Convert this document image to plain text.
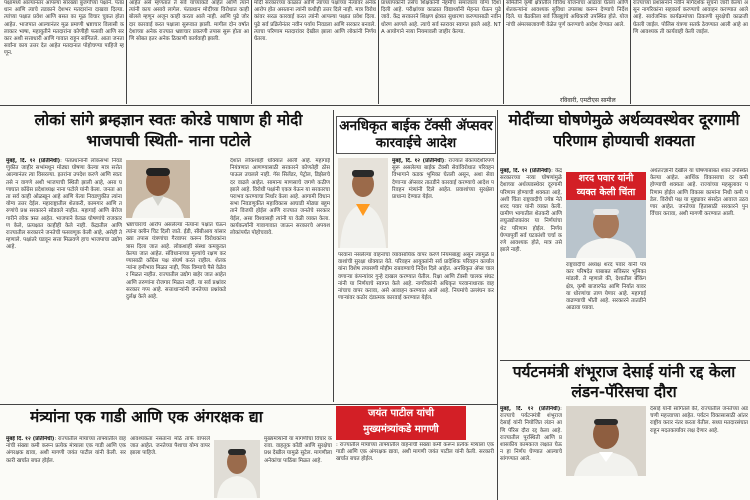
पक्षामध्ये आल्यानंतर आपल्या सारख्या बुजर्गांच्या पक्षाने. पंतप्रधान आणि त्याचे तडकाने देशभर मतदारांना दाखवा दिल्या. त्यांच्या पक्षात प्रवेश आणि बसत का मूळ विचार चुकत होता आहेत. भाजपात आल्यानंतर मूळ प्रमाणी भ्रष्टाचार विलासी कलाकार भाषा, महायुतीने मतदारांना कोणीही फसवी आणि सरकार अशी सत्ताधारी आणि गावात राहून सांगितले. आता जनता सर्वांना काय उत्तर देत आहेत मतदानात पोहोचण्या पाहिजे म्हणून.
आहेत असे म्हणतात ते सर्व यांच्याकडे आहेत आणि त्याने त्यांनी काय असावे लागेल. पंतप्रधान मोदींच्या विरोधात काही बोलले म्हणून अजून काही करता आले नाही. आणि पुढे जोरदार कारवाई करत पक्षाला सुरूवात झाली. मागील दोन वर्षात देशाच्या अनेक राज्यात भ्रष्टाचार प्रकरणी तपास सुरू होता आणि सोबत इतर अनेक ठिकाणी कार्यवाही झाली.
मोदी सरकारच्या काळात आणि त्यांच्या पक्षाच्या नेत्यांवर अनेक आरोप होत असताना त्यांनी कधीही उत्तर दिले नाही. मात्र विरोधकांवर सरळ कारवाई करत त्यांनी आपल्या पक्षात प्रवेश दिला. पुढे सर्व प्रक्रियेनंतर नवीन पर्याय निवडला आणि सरकार बनवले. त्याचा परिणाम मतदारांवर देखील झाला आणि लोकांनी निर्णय घेतला.
प्राध्यापकांनी तसेच शिक्षकांनी नेहमीच समाजाला योग्य दिशा दिली आहे. परीक्षांच्या काळात विद्यार्थ्यांनी मेहनत घेऊन पुढे जावे. केंद्र सरकारने शिक्षण क्षेत्रात सुधारणा करण्यासाठी नवीन धोरण आणले आहे. त्याचे सर्व स्तरावर स्वागत झाले आहे. NTA आयोगाने नव्या नियमावली जाहीर केल्या.
समितीने कृषी क्षेत्रातील विविध योजनांचा आढावा घेतला आणि शेतकऱ्यांना आवश्यक सुविधा उपलब्ध करून देण्याचे निर्देश दिले. या बैठकीला सर्व जिल्ह्यांचे अधिकारी उपस्थित होते. योजनांची अंमलबजावणी वेळेत पूर्ण करण्याचे आदेश देण्यात आले.
रविवारी, एमटीएस सामील
राज्याच्या प्रशासनाने नवीन मार्गदर्शक सूचना जारी केल्या असून नागरिकांना सहकार्य करण्याचे आवाहन करण्यात आले आहे. सार्वजनिक कार्यक्रमांच्या ठिकाणी सुरक्षेची काळजी घेतली जाईल. पोलिस यंत्रणा सतर्क ठेवण्यात आली आहे आणि आवश्यक ती कार्यवाही केली जाईल.
लोकां सांगे ब्रम्हज्ञान स्वतः कोरडे पाषाण ही मोदी भाजपाची स्थिती- नाना पटोले
मुंबई, दि. १२ (प्रतिनिधी): पंतप्रधानांनी लोकसभा निवडणुकीत जाहीर सभांमधून मोठ्या घोषणा केल्या मात्र सत्तेत आल्यानंतर त्या विसरल्या. इतरांना उपदेश करणे आणि स्वतः तसे न वागणे अशी भाजपाची स्थिती झाली आहे, असा घणाघात काँग्रेस प्रदेशाध्यक्ष नाना पटोले यांनी केला. जनता आता सर्व काही ओळखून आहे आणि येत्या निवडणुकीत त्यांना योग्य उत्तर देईल. महाराष्ट्रातील शेतकरी, कामगार आणि तरुणांचे प्रश्न सरकारने सोडवले नाहीत. महागाई आणि बेरोजगारीने लोक त्रस्त आहेत. भाजपाने केवळ घोषणांचे राजकारण केले, प्रत्यक्षात काहीही केले नाही. केंद्रातील आणि राज्यातील सरकारने जनतेची फसवणूक केली आहे, असेही ते म्हणाले. पक्षांतरे घडवून सत्ता मिळवणे हाच भाजपाचा उद्योग आहे.
भ्रष्टाचाराचे आरोप असलेल्या नेत्यांना पक्षात घेऊन त्यांना क्लीन चिट दिली जाते. ईडी, सीबीआय यांसारख्या तपास यंत्रणांचा गैरवापर करून विरोधकांना त्रास दिला जात आहे. लोकशाही संस्था कमकुवत केल्या जात आहेत. संविधानाच्या मूल्यांचे रक्षण करण्यासाठी काँग्रेस पक्ष संघर्ष करत राहील. शेतकऱ्यांना हमीभाव मिळत नाही, पिक विम्याचे पैसे वेळेवर मिळत नाहीत. राज्यातील उद्योग बाहेर जात आहेत आणि तरुणांना रोजगार मिळत नाही. या सर्व प्रश्नांवर सरकार गप्प आहे. सत्ताधाऱ्यांनी जनतेच्या प्रश्नांकडे दुर्लक्ष केले आहे.
देशात लोकशाही धोक्यात आली आहे. महागाई नियंत्रणात आणण्यासाठी सरकारने कोणतेही ठोस पाऊल उचलले नाही. गॅस सिलेंडर, पेट्रोल, डिझेलचे दर वाढले आहेत. सामान्य माणसाचे जगणे कठीण झाले आहे. विरोधी पक्षांनी एकत्र येऊन या सरकारचा पराभव करण्याचा निर्धार केला आहे. आगामी विधानसभा निवडणुकीत महाविकास आघाडी मोठ्या बहुमताने विजयी होईल आणि राज्यात जनतेचे सरकार येईल, असा विश्वासही त्यांनी या वेळी व्यक्त केला. कार्यकर्त्यांनी गावागावात जाऊन सरकारचे अपयश लोकांपर्यंत पोहोचवावे.
अनधिकृत बाईक टॅक्सी ॲप्सवर कारवाईचे आदेश
मुंबई, दि. १२ (प्रतिनिधी): राज्यात बेकायदेशीरपणे सुरू असलेल्या बाईक टॅक्सी सेवांविरोधात परिवहन विभागाने कडक भूमिका घेतली असून, अशा सेवा देणाऱ्या ॲप्सवर तातडीने कारवाई करण्याचे आदेश परिवहन मंत्र्यांनी दिले आहेत. प्रवाशांच्या सुरक्षेला प्राधान्य देण्यात येईल.
परवाना नसलेल्या वाहनांचा व्यावसायिक वापर करणे नियमबाह्य असून त्यामुळे प्रवाशांची सुरक्षा धोक्यात येते. परिवहन आयुक्तांनी सर्व प्रादेशिक परिवहन कार्यालयांना विशेष तपासणी मोहीम राबवण्याचे निर्देश दिले आहेत. अनधिकृत ॲप्स चालवणाऱ्या कंपन्यांवर गुन्हे दाखल करण्यात येतील. रिक्षा आणि टॅक्सी चालक संघटनांनी या निर्णयाचे स्वागत केले आहे. नागरिकांनी अधिकृत परवानाधारक वाहनांचाच वापर करावा, असे आवाहन करण्यात आले आहे. नियमांचे उल्लंघन करणाऱ्यांवर कठोर दंडात्मक कारवाई करण्यात येईल.
मोदींच्या घोषणेमुळे अर्थव्यवस्थेवर दूरगामी परिणाम होण्याची शक्यता
शरद पवार यांनी
व्यक्त केली चिंता
मुंबई, दि. १२ (प्रतिनिधी): केंद्र सरकारच्या नव्या घोषणांमुळे देशाच्या अर्थव्यवस्थेवर दूरगामी परिणाम होण्याची शक्यता आहे, अशी चिंता राष्ट्रवादीचे ज्येष्ठ नेते शरद पवार यांनी व्यक्त केली. ग्रामीण भागातील शेतकरी आणि लघुउद्योजकांवर या निर्णयांचा थेट परिणाम होईल. निर्णय घेण्यापूर्वी सर्व घटकांशी चर्चा करणे आवश्यक होते, मात्र तसे झाले नाही.
राष्ट्रवादीचे अध्यक्ष शरद पवार यांनी पत्रकार परिषदेत याबाबत सविस्तर भूमिका मांडली. ते म्हणाले की, देशातील बँकिंग क्षेत्र, कृषी बाजारपेठ आणि निर्यात यावर या धोरणांचा ताण येणार आहे. महागाई वाढण्याची भीती आहे. सरकारने तातडीने आढावा घ्यावा.
अर्थतज्ज्ञांनी देखील या घोषणांबाबत शंका उपस्थित केल्या आहेत. आर्थिक विकासाचा दर कमी होण्याची शक्यता आहे. राज्यांच्या महसुलावर परिणाम होईल आणि विकास कामांना निधी कमी पडेल. विरोधी पक्ष या मुद्द्यावर संसदेत आवाज उठवणार आहेत. जनतेच्या हितासाठी सरकारने पुनर्विचार करावा, अशी मागणी करण्यात आली.
पर्यटनमंत्री शंभूराज देसाई यांनी रद्द केला लंडन-पॅरिसचा दौरा
मुंबई, दि. १२ (प्रतिनिधी): राज्याचे पर्यटनमंत्री शंभूराज देसाई यांनी नियोजित लंडन आणि पॅरिस दौरा रद्द केला आहे. राज्यातील पूरस्थिती आणि प्रशासकीय कामकाज लक्षात घेऊन हा निर्णय घेण्यात आल्याचे सांगण्यात आले.
देसाई यांनी सांगितले की, राज्यातील जनतेच्या अडचणी महत्त्वाच्या आहेत. पर्यटन विकासासाठी आंतरराष्ट्रीय करार नंतर करता येतील. सध्या मतदारसंघात राहून मदतकार्यावर लक्ष देणार आहे.
मंत्र्यांना एक गाडी आणि एक अंगरक्षक द्या	जयंत पाटील यांची
मुख्यमंत्र्यांकडे मागणी
मुंबई दि. १२ (प्रतिनिधी): राज्यातील मंत्र्यांच्या ताफ्यातील वाहनांची संख्या कमी करून प्रत्येक मंत्र्याला एक गाडी आणि एक अंगरक्षक द्यावा, अशी मागणी जयंत पाटील यांनी केली. सरकारी खर्चात बचत होईल.
आवश्यकता नसताना मोठे ताफे वापरले जात आहेत. जनतेच्या पैशाचा योग्य वापर झाला पाहिजे.
मुख्यमंत्र्यांनी या मागणीचा विचार करावा. वाहतूक कोंडी आणि सुरक्षेचा प्रश्न देखील यामुळे सुटेल. मागणीला अनेकांचा पाठिंबा मिळत आहे.
: राज्यातील मंत्र्यांच्या ताफ्यातील वाहनांची संख्या कमी करून प्रत्येक मंत्र्याला एक गाडी आणि एक अंगरक्षक द्यावा, अशी मागणी जयंत पाटील यांनी केली. सरकारी खर्चात बचत होईल.
